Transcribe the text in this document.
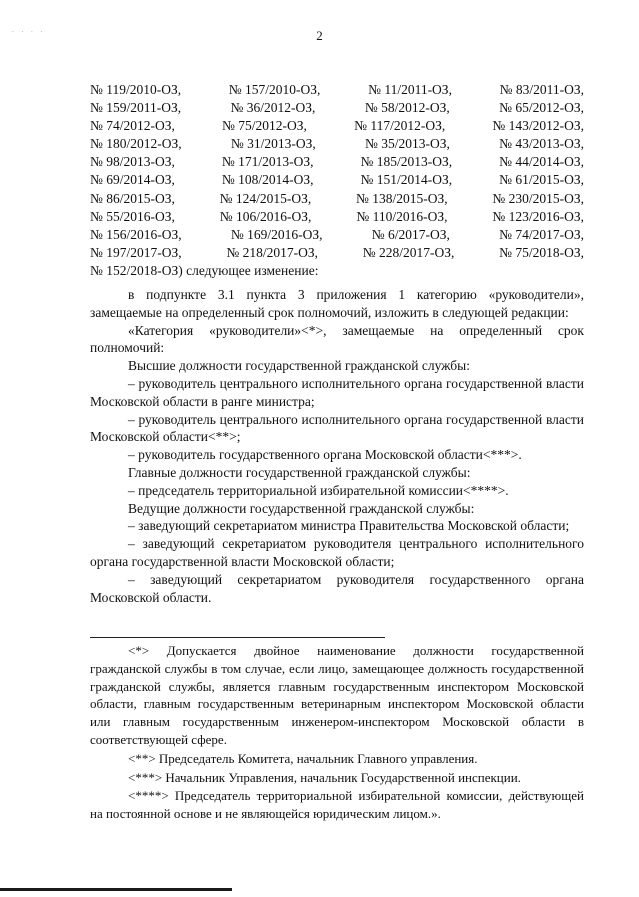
. . . .	2
№ 119/2010-ОЗ,	№ 157/2010-ОЗ,	№ 11/2011-ОЗ,	№ 83/2011-ОЗ,
№ 159/2011-ОЗ,	№ 36/2012-ОЗ,	№ 58/2012-ОЗ,	№ 65/2012-ОЗ,
№ 74/2012-ОЗ,	№ 75/2012-ОЗ,	№ 117/2012-ОЗ,	№ 143/2012-ОЗ,
№ 180/2012-ОЗ,	№ 31/2013-ОЗ,	№ 35/2013-ОЗ,	№ 43/2013-ОЗ,
№ 98/2013-ОЗ,	№ 171/2013-ОЗ,	№ 185/2013-ОЗ,	№ 44/2014-ОЗ,
№ 69/2014-ОЗ,	№ 108/2014-ОЗ,	№ 151/2014-ОЗ,	№ 61/2015-ОЗ,
№ 86/2015-ОЗ,	№ 124/2015-ОЗ,	№ 138/2015-ОЗ,	№ 230/2015-ОЗ,
№ 55/2016-ОЗ,	№ 106/2016-ОЗ,	№ 110/2016-ОЗ,	№ 123/2016-ОЗ,
№ 156/2016-ОЗ,	№ 169/2016-ОЗ,	№ 6/2017-ОЗ,	№ 74/2017-ОЗ,
№ 197/2017-ОЗ,	№ 218/2017-ОЗ,	№ 228/2017-ОЗ,	№ 75/2018-ОЗ,
№ 152/2018-ОЗ) следующее изменение:

в подпункте 3.1 пункта 3 приложения 1 категорию «руководители», замещаемые на определенный срок полномочий, изложить в следующей редакции:

«Категория «руководители»<*>, замещаемые на определенный срок полномочий:

Высшие должности государственной гражданской службы:

– руководитель центрального исполнительного органа государственной власти Московской области в ранге министра;

– руководитель центрального исполнительного органа государственной власти Московской области<**>;

– руководитель государственного органа Московской области<***>.

Главные должности государственной гражданской службы:

– председатель территориальной избирательной комиссии<****>.

Ведущие должности государственной гражданской службы:

– заведующий секретариатом министра Правительства Московской области;

– заведующий секретариатом руководителя центрального исполнительного органа государственной власти Московской области;

– заведующий секретариатом руководителя государственного органа Московской области.

<*> Допускается двойное наименование должности государственной гражданской службы в том случае, если лицо, замещающее должность государственной гражданской службы, является главным государственным инспектором Московской области, главным государственным ветеринарным инспектором Московской области или главным государственным инженером-инспектором Московской области в соответствующей сфере.

<**> Председатель Комитета, начальник Главного управления.

<***> Начальник Управления, начальник Государственной инспекции.

<****> Председатель территориальной избирательной комиссии, действующей на постоянной основе и не являющейся юридическим лицом.».
